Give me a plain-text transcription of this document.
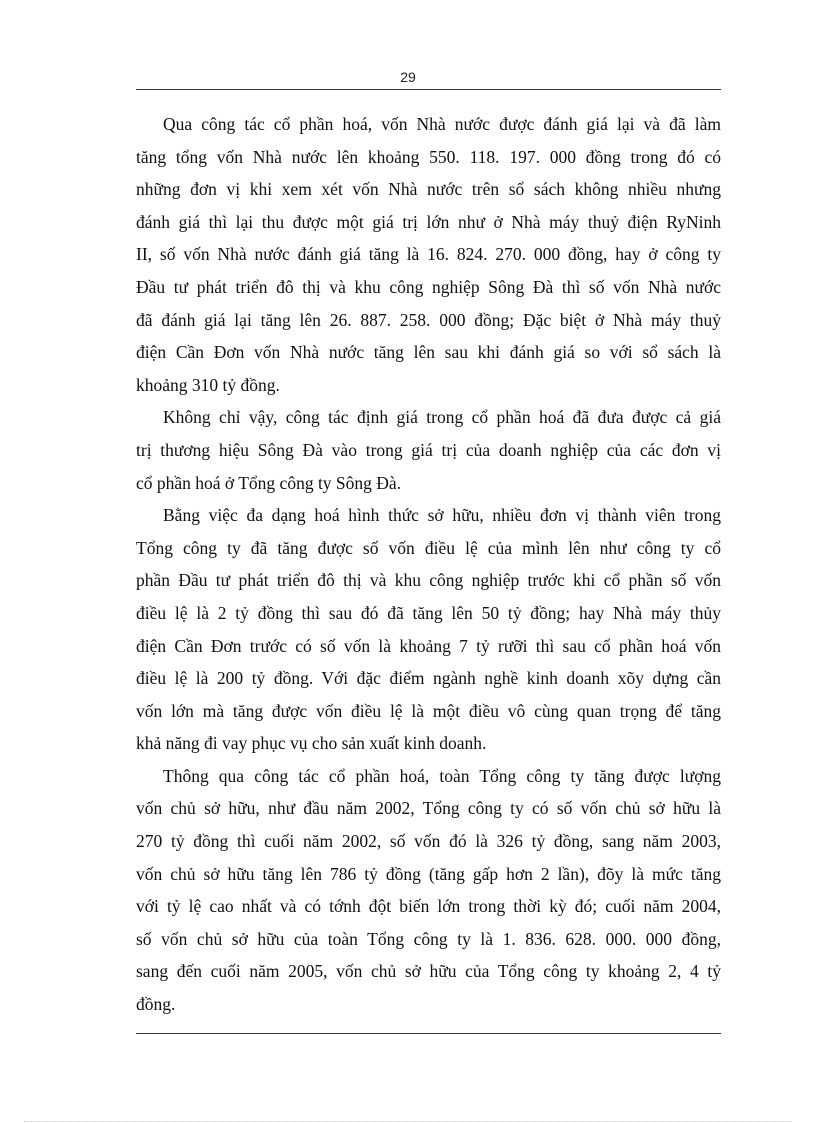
29

Qua công tác cổ phần hoá, vốn Nhà nước được đánh giá lại và đã làm
tăng tổng vốn Nhà nước lên khoảng 550. 118. 197. 000 đồng trong đó có
những đơn vị khi xem xét vốn Nhà nước trên sổ sách không nhiều nhưng
đánh giá thì lại thu được một giá trị lớn như ở Nhà máy thuỷ điện RyNinh
II, số vốn Nhà nước đánh giá tăng là 16. 824. 270. 000 đồng, hay ở công ty
Đầu tư phát triển đô thị và khu công nghiệp Sông Đà thì số vốn Nhà nước
đã đánh giá lại tăng lên 26. 887. 258. 000 đồng; Đặc biệt ở Nhà máy thuỷ
điện Cần Đơn vốn Nhà nước tăng lên sau khi đánh giá so với sổ sách là
khoảng 310 tỷ đồng.

Không chỉ vậy, công tác định giá trong cổ phần hoá đã đưa được cả giá
trị thương hiệu Sông Đà vào trong giá trị của doanh nghiệp của các đơn vị
cổ phần hoá ở Tổng công ty Sông Đà.

Bằng việc đa dạng hoá hình thức sở hữu, nhiều đơn vị thành viên trong
Tổng công ty đã tăng được số vốn điều lệ của mình lên như công ty cổ
phần Đầu tư phát triển đô thị và khu công nghiệp trước khi cổ phần số vốn
điều lệ là 2 tỷ đồng thì sau đó đã tăng lên 50 tỷ đồng; hay Nhà máy thủy
điện Cần Đơn trước có số vốn là khoảng 7 tỷ rưỡi thì sau cổ phần hoá vốn
điều lệ là 200 tỷ đồng. Với đặc điểm ngành nghề kinh doanh xõy dựng cần
vốn lớn mà tăng được vốn điều lệ là một điều vô cùng quan trọng để tăng
khả năng đi vay phục vụ cho sản xuất kinh doanh.

Thông qua công tác cổ phần hoá, toàn Tổng công ty tăng được lượng
vốn chủ sở hữu, như đầu năm 2002, Tổng công ty có số vốn chủ sở hữu là
270 tỷ đồng thì cuối năm 2002, số vốn đó là 326 tỷ đồng, sang năm 2003,
vốn chủ sở hữu tăng lên 786 tỷ đồng (tăng gấp hơn 2 lần), đõy là mức tăng
với tỷ lệ cao nhất và có tớnh đột biến lớn trong thời kỳ đó; cuối năm 2004,
số vốn chủ sở hữu của toàn Tổng công ty là 1. 836. 628. 000. 000 đồng,
sang đến cuối năm 2005, vốn chủ sở hữu của Tổng công ty khoảng 2, 4 tỷ
đồng.
